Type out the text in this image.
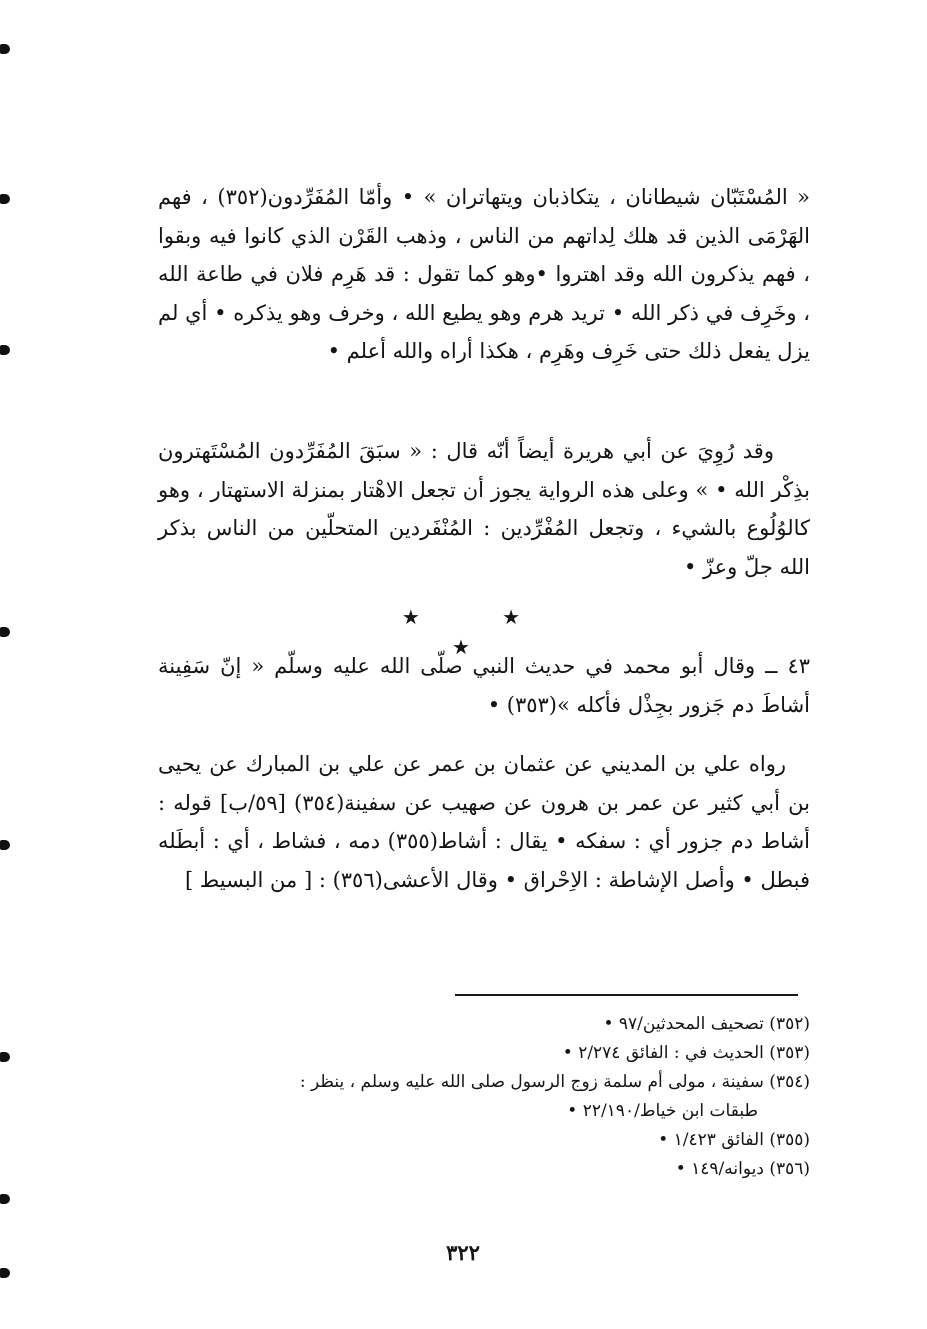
« المُسْتَبّان شيطانان ، يتكاذبان ويتهاتران » • وأمّا المُفَرِّدون(٣٥٢) ، فهم الهَرْمَى الذين قد هلك لِداتهم من الناس ، وذهب القَرْن الذي كانوا فيه وبقوا ، فهم يذكرون الله وقد اهتروا •وهو كما تقول : قد هَرِم فلان في طاعة الله ، وخَرِف في ذكر الله • تريد هرم وهو يطيع الله ، وخرف وهو يذكره • أي لم يزل يفعل ذلك حتى خَرِف وهَرِم ، هكذا أراه والله أعلم •

وقد رُوِيَ عن أبي هريرة أيضاً أنّه قال : « سبَقَ المُفَرِّدون المُسْتَهترون بذِكْر الله • » وعلى هذه الرواية يجوز أن تجعل الاهْتار بمنزلة الاستهتار ، وهو كالوُلُوع بالشيء ، وتجعل المُفْرِّدين : المُنْفَردين المتحلّين من الناس بذكر الله جلّ وعزّ •

★ ★ ★

٤٣ ــ وقال أبو محمد في حديث النبي صلّى الله عليه وسلّم « إنّ سَفِينة أشاطَ دم جَزور بجِذْل فأكله »(٣٥٣) •

رواه علي بن المديني عن عثمان بن عمر عن علي بن المبارك عن يحيى بن أبي كثير عن عمر بن هرون عن صهيب عن سفينة(٣٥٤) [٥٩/ب] قوله : أشاط دم جزور أي : سفكه • يقال : أشاط(٣٥٥) دمه ، فشاط ، أي : أبطَله فبطل • وأصل الإشاطة : الاِحْراق • وقال الأعشى(٣٥٦) : [ من البسيط ]

(٣٥٢) تصحيف المحدثين/٩٧ •

(٣٥٣) الحديث في : الفائق ٢/٢٧٤ •

(٣٥٤) سفينة ، مولى أم سلمة زوج الرسول صلى الله عليه وسلم ، ينظر :

طبقات ابن خياط/٢٢/١٩٠ •

(٣٥٥) الفائق ١/٤٢٣ •

(٣٥٦) ديوانه/١٤٩ •

٣٢٢
